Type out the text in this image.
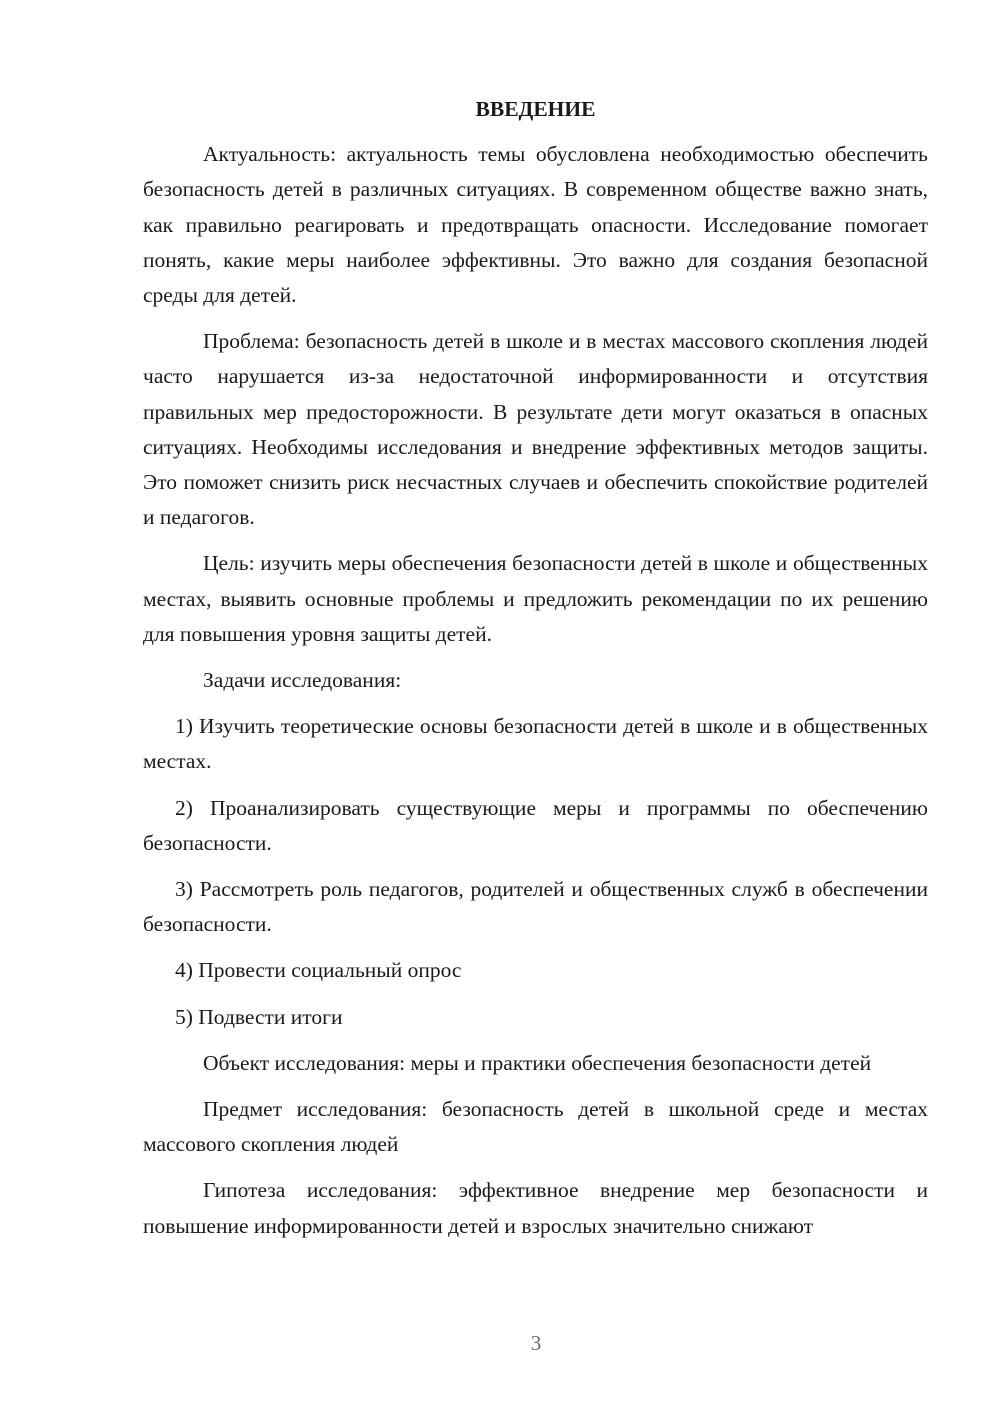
ВВЕДЕНИЕ

Актуальность: актуальность темы обусловлена необходимостью обеспечить безопасность детей в различных ситуациях. В современном обществе важно знать, как правильно реагировать и предотвращать опасности. Исследование помогает понять, какие меры наиболее эффективны. Это важно для создания безопасной среды для детей.

Проблема: безопасность детей в школе и в местах массового скопления людей часто нарушается из-за недостаточной информированности и отсутствия правильных мер предосторожности. В результате дети могут оказаться в опасных ситуациях. Необходимы исследования и внедрение эффективных методов защиты. Это поможет снизить риск несчастных случаев и обеспечить спокойствие родителей и педагогов.

Цель: изучить меры обеспечения безопасности детей в школе и общественных местах, выявить основные проблемы и предложить рекомендации по их решению для повышения уровня защиты детей.

Задачи исследования:

1) Изучить теоретические основы безопасности детей в школе и в общественных местах.

2) Проанализировать существующие меры и программы по обеспечению безопасности.

3) Рассмотреть роль педагогов, родителей и общественных служб в обеспечении безопасности.

4) Провести социальный опрос

5) Подвести итоги

Объект исследования: меры и практики обеспечения безопасности детей

Предмет исследования: безопасность детей в школьной среде и местах массового скопления людей

Гипотеза исследования: эффективное внедрение мер безопасности и повышение информированности детей и взрослых значительно снижают

3
